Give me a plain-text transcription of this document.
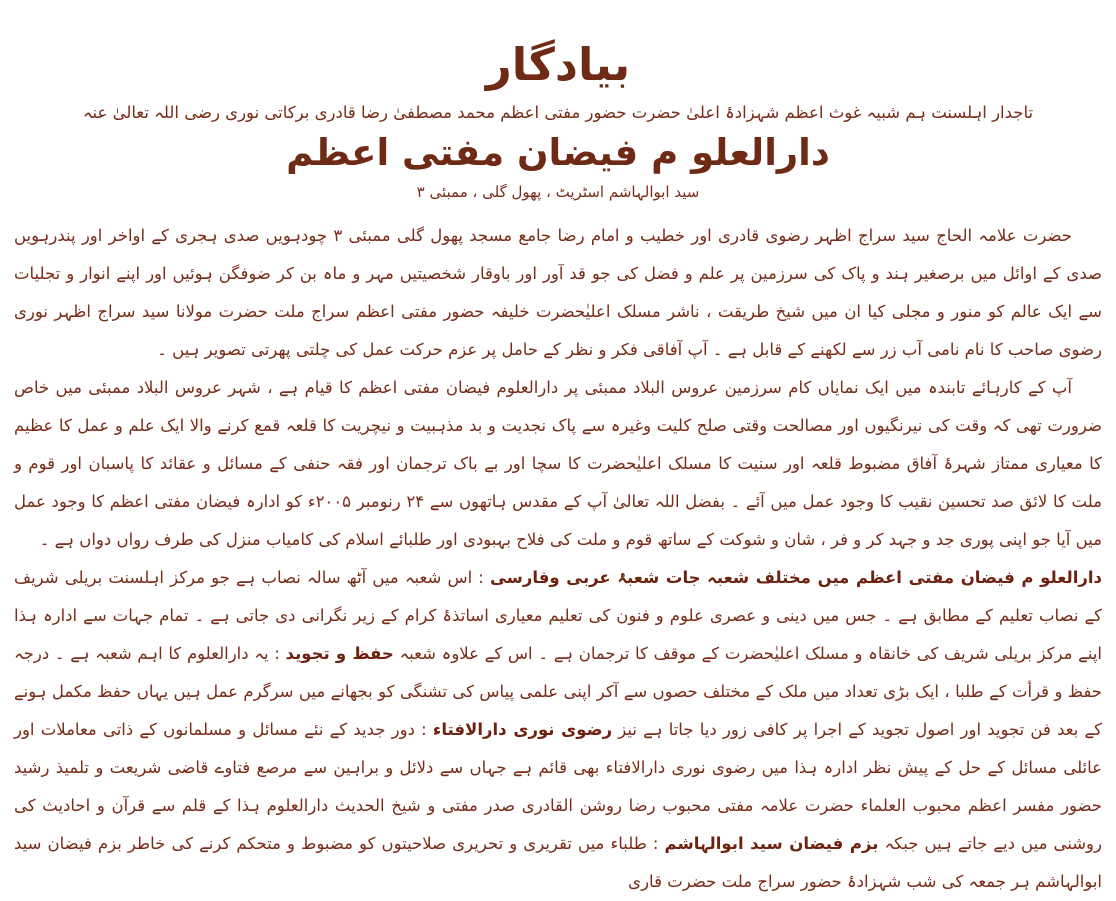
بیادگار
تاجدار اہلسنت ہم شبیہ غوث اعظم شہزادۂ اعلیٰ حضرت حضور مفتی اعظم محمد مصطفیٰ رضا قادری برکاتی نوری رضی اللہ تعالیٰ عنہ
دارالعلو م فیضان مفتی اعظم
سید ابوالہاشم اسٹریٹ ، پھول گلی ، ممبئی ۳

حضرت علامہ الحاج سید سراج اظہر رضوی قادری اور خطیب و امام رضا جامع مسجد پھول گلی ممبئی ۳ چودہویں صدی ہجری کے اواخر اور پندرہویں صدی کے اوائل میں برصغیر ہند و پاک کی سرزمین پر علم و فضل کی جو قد آور اور باوقار شخصیتیں مہر و ماہ بن کر ضوفگن ہوئیں اور اپنے انوار و تجلیات سے ایک عالم کو منور و مجلی کیا ان میں شیخ طریقت ، ناشر مسلک اعلیٰحضرت خلیفہ حضور مفتی اعظم سراج ملت حضرت مولانا سید سراج اظہر نوری رضوی صاحب کا نام نامی آب زر سے لکھنے کے قابل ہے ۔ آپ آفاقی فکر و نظر کے حامل پر عزم حرکت عمل کی چلتی پھرتی تصویر ہیں ۔

آپ کے کارہائے تابندہ میں ایک نمایاں کام سرزمین عروس البلاد ممبئی پر دارالعلوم فیضان مفتی اعظم کا قیام ہے ، شہر عروس البلاد ممبئی میں خاص ضرورت تھی کہ وقت کی نیرنگیوں اور مصالحت وقتی صلح کلیت وغیرہ سے پاک نجدیت و بد مذہبیت و نیچریت کا قلعہ قمع کرنے والا ایک علم و عمل کا عظیم کا معیاری ممتاز شہرۂ آفاق مضبوط قلعہ اور سنیت کا مسلک اعلیٰحضرت کا سچا اور بے باک ترجمان اور فقہ حنفی کے مسائل و عقائد کا پاسبان اور قوم و ملت کا لائق صد تحسین نقیب کا وجود عمل میں آئے ۔ بفضل اللہ تعالیٰ آپ کے مقدس ہاتھوں سے ۲۴ رنومبر ۲۰۰۵ء کو ادارہ فیضان مفتی اعظم کا وجود عمل میں آیا جو اپنی پوری جد و جہد کر و فر ، شان و شوکت کے ساتھ قوم و ملت کی فلاح بہبودی اور طلبائے اسلام کی کامیاب منزل کی طرف رواں دواں ہے ۔

دارالعلو م فیضان مفتی اعظم میں مختلف شعبہ جات شعبۂ عربی وفارسی : اس شعبہ میں آٹھ سالہ نصاب ہے جو مرکز اہلسنت بریلی شریف کے نصاب تعلیم کے مطابق ہے ۔ جس میں دینی و عصری علوم و فنون کی تعلیم معیاری اساتذۂ کرام کے زیر نگرانی دی جاتی ہے ۔ تمام جہات سے ادارہ ہذا اپنے مرکز بریلی شریف کی خانقاہ و مسلک اعلیٰحضرت کے موقف کا ترجمان ہے ۔ اس کے علاوہ شعبہ حفظ و تجوید : یہ دارالعلوم کا اہم شعبہ ہے ۔ درجہ حفظ و قرأت کے طلبا ، ایک بڑی تعداد میں ملک کے مختلف حصوں سے آکر اپنی علمی پیاس کی تشنگی کو بجھانے میں سرگرم عمل ہیں یہاں حفظ مکمل ہونے کے بعد فن تجوید اور اصول تجوید کے اجرا پر کافی زور دیا جاتا ہے نیز رضوی نوری دارالافتاء : دور جدید کے نئے مسائل و مسلمانوں کے ذاتی معاملات اور عائلی مسائل کے حل کے پیش نظر ادارہ ہذا میں رضوی نوری دارالافتاء بھی قائم ہے جہاں سے دلائل و براہین سے مرصع فتاوے قاضی شریعت و تلمیذ رشید حضور مفسر اعظم محبوب العلماء حضرت علامہ مفتی محبوب رضا روشن القادری صدر مفتی و شیخ الحدیث دارالعلوم ہذا کے قلم سے قرآن و احادیث کی روشنی میں دیے جاتے ہیں جبکہ بزم فیضان سید ابوالہاشم : طلباء میں تقریری و تحریری صلاحیتوں کو مضبوط و متحکم کرنے کی خاطر بزم فیضان سید ابوالہاشم ہر جمعہ کی شب شہزادۂ حضور سراج ملت حضرت قاری
